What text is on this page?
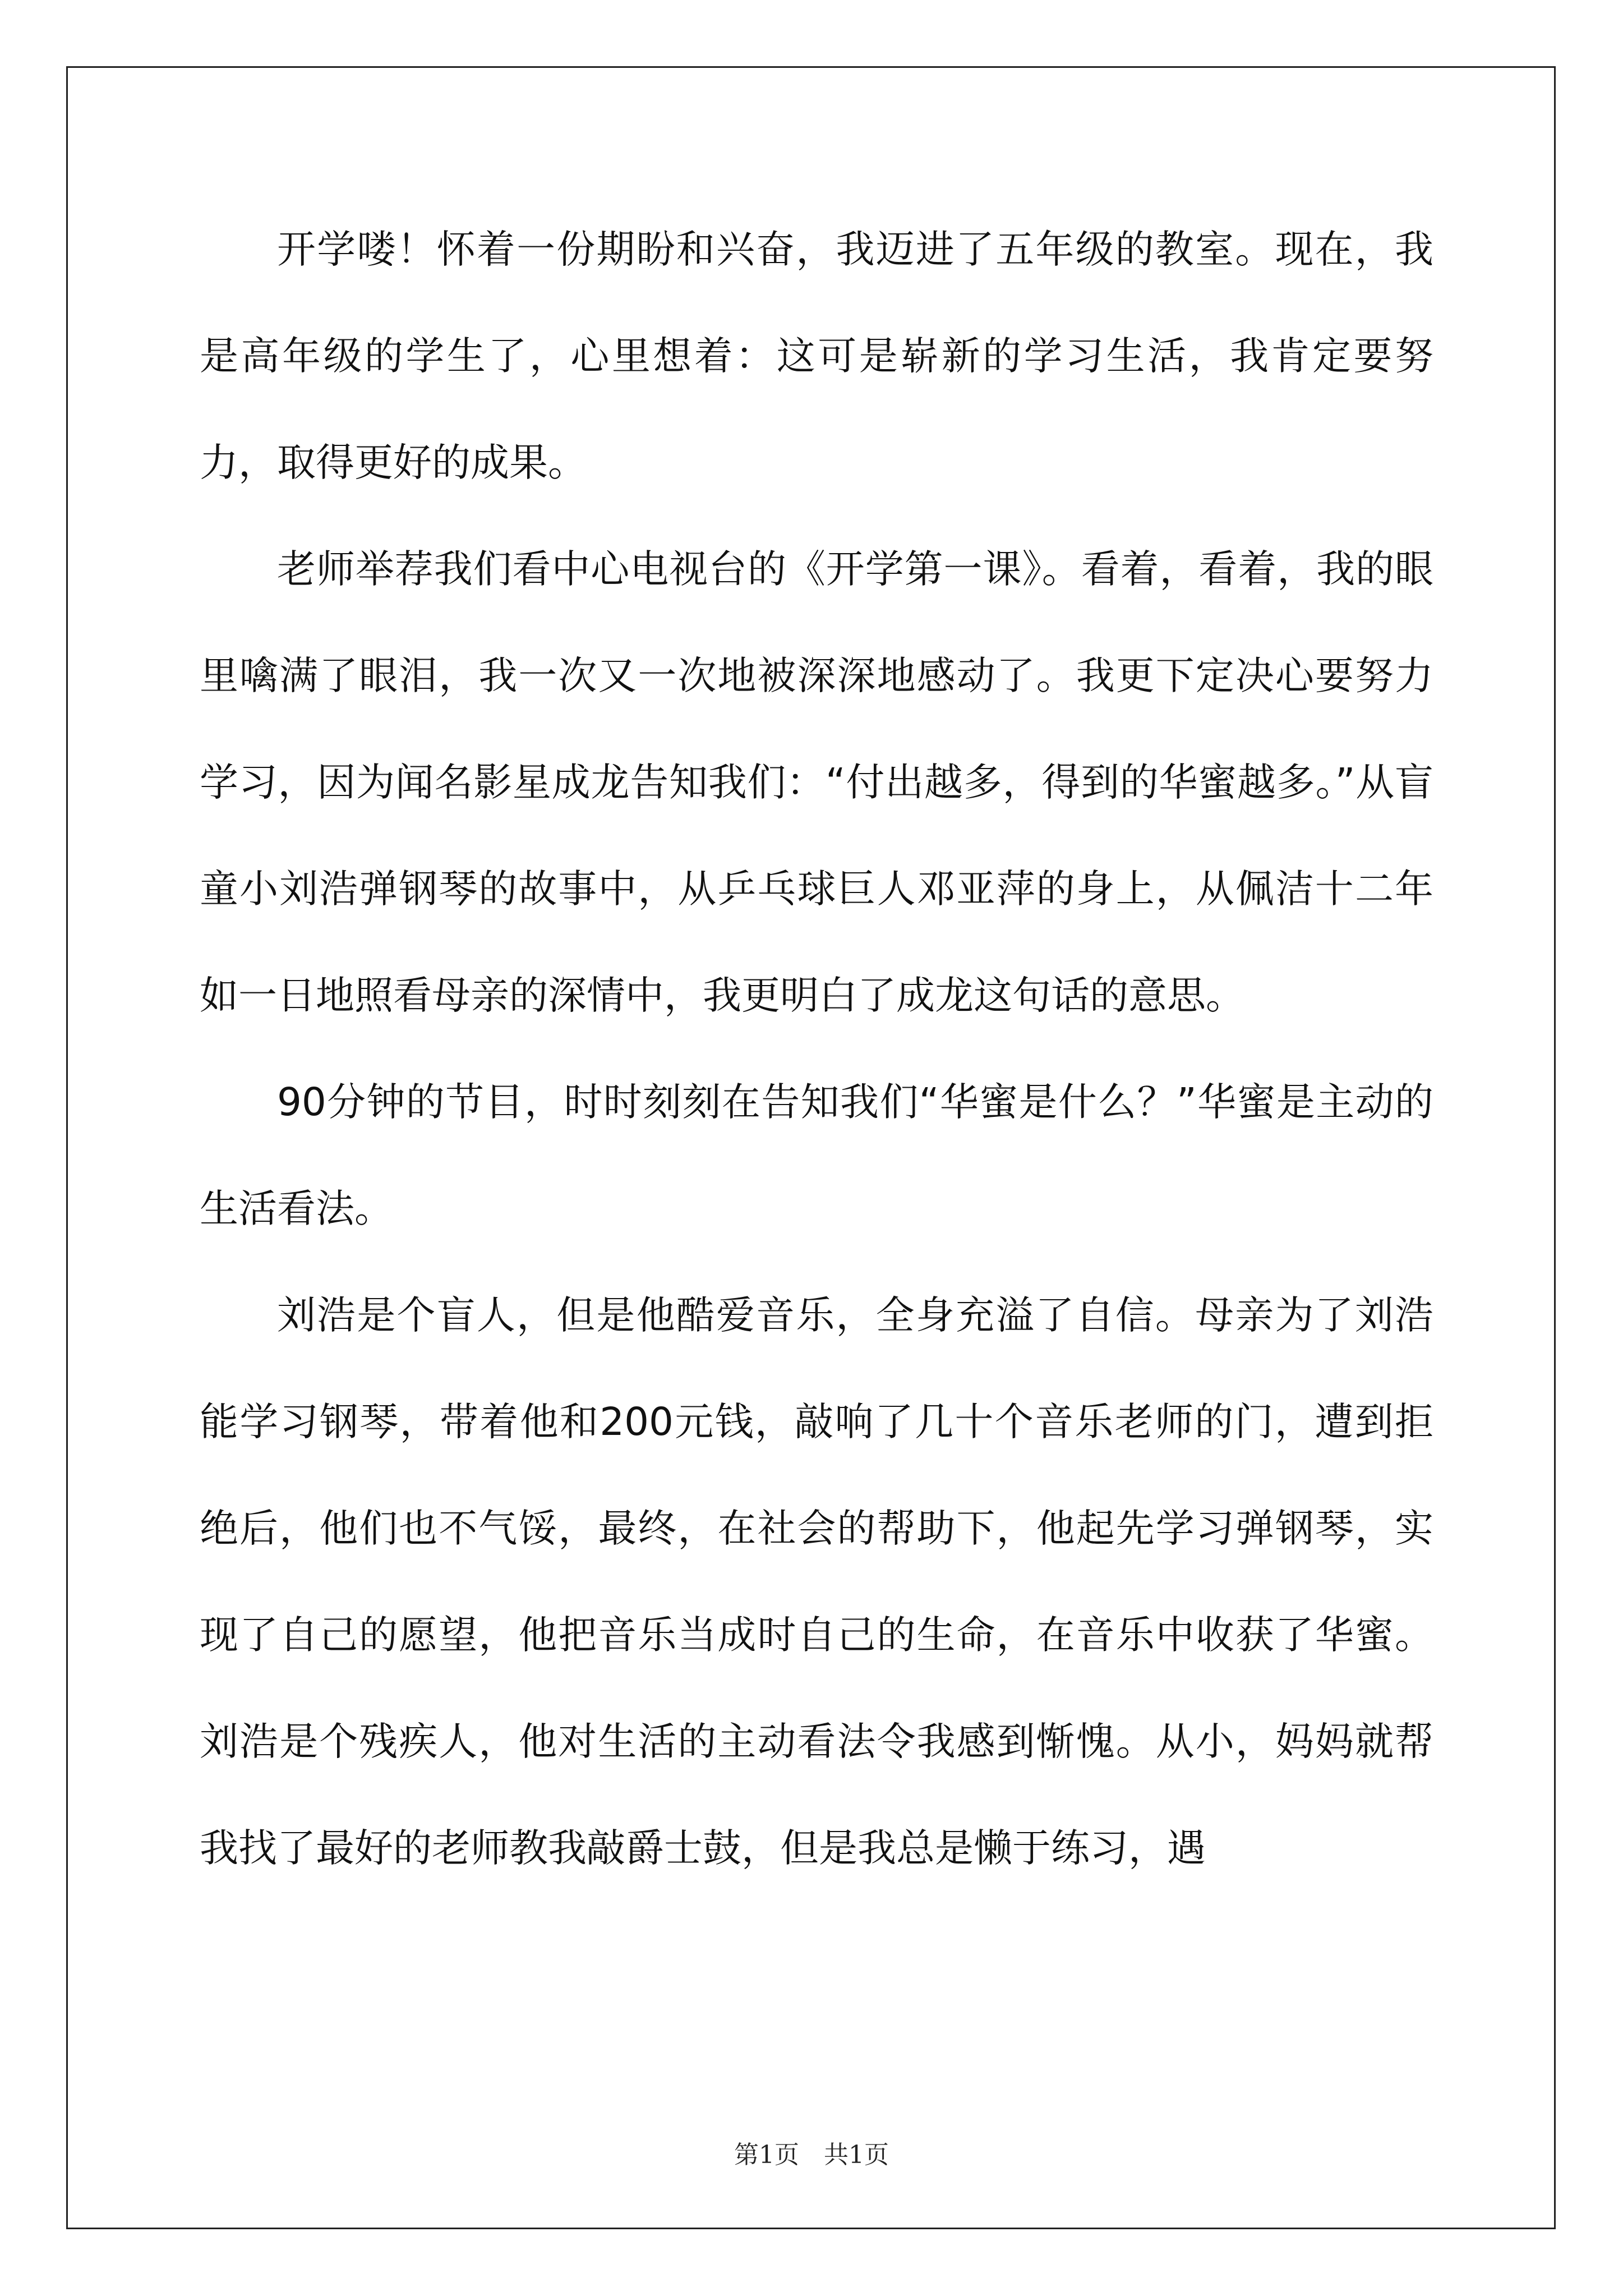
开学喽！怀着一份期盼和兴奋，我迈进了五年级的教室。现在，我是高年级的学生了，心里想着：这可是崭新的学习生活，我肯定要努力，取得更好的成果。

老师举荐我们看中心电视台的《开学第一课》。看着，看着，我的眼里噙满了眼泪，我一次又一次地被深深地感动了。我更下定决心要努力学习，因为闻名影星成龙告知我们：“付出越多，得到的华蜜越多。”从盲童小刘浩弹钢琴的故事中，从乒乓球巨人邓亚萍的身上，从佩洁十二年如一日地照看母亲的深情中，我更明白了成龙这句话的意思。

90分钟的节目，时时刻刻在告知我们“华蜜是什么？”华蜜是主动的生活看法。

刘浩是个盲人，但是他酷爱音乐，全身充溢了自信。母亲为了刘浩能学习钢琴，带着他和200元钱，敲响了几十个音乐老师的门，遭到拒绝后，他们也不气馁，最终，在社会的帮助下，他起先学习弹钢琴，实现了自己的愿望，他把音乐当成时自己的生命，在音乐中收获了华蜜。刘浩是个残疾人，他对生活的主动看法令我感到惭愧。从小，妈妈就帮我找了最好的老师教我敲爵士鼓，但是我总是懒于练习，遇

第1页　共1页
